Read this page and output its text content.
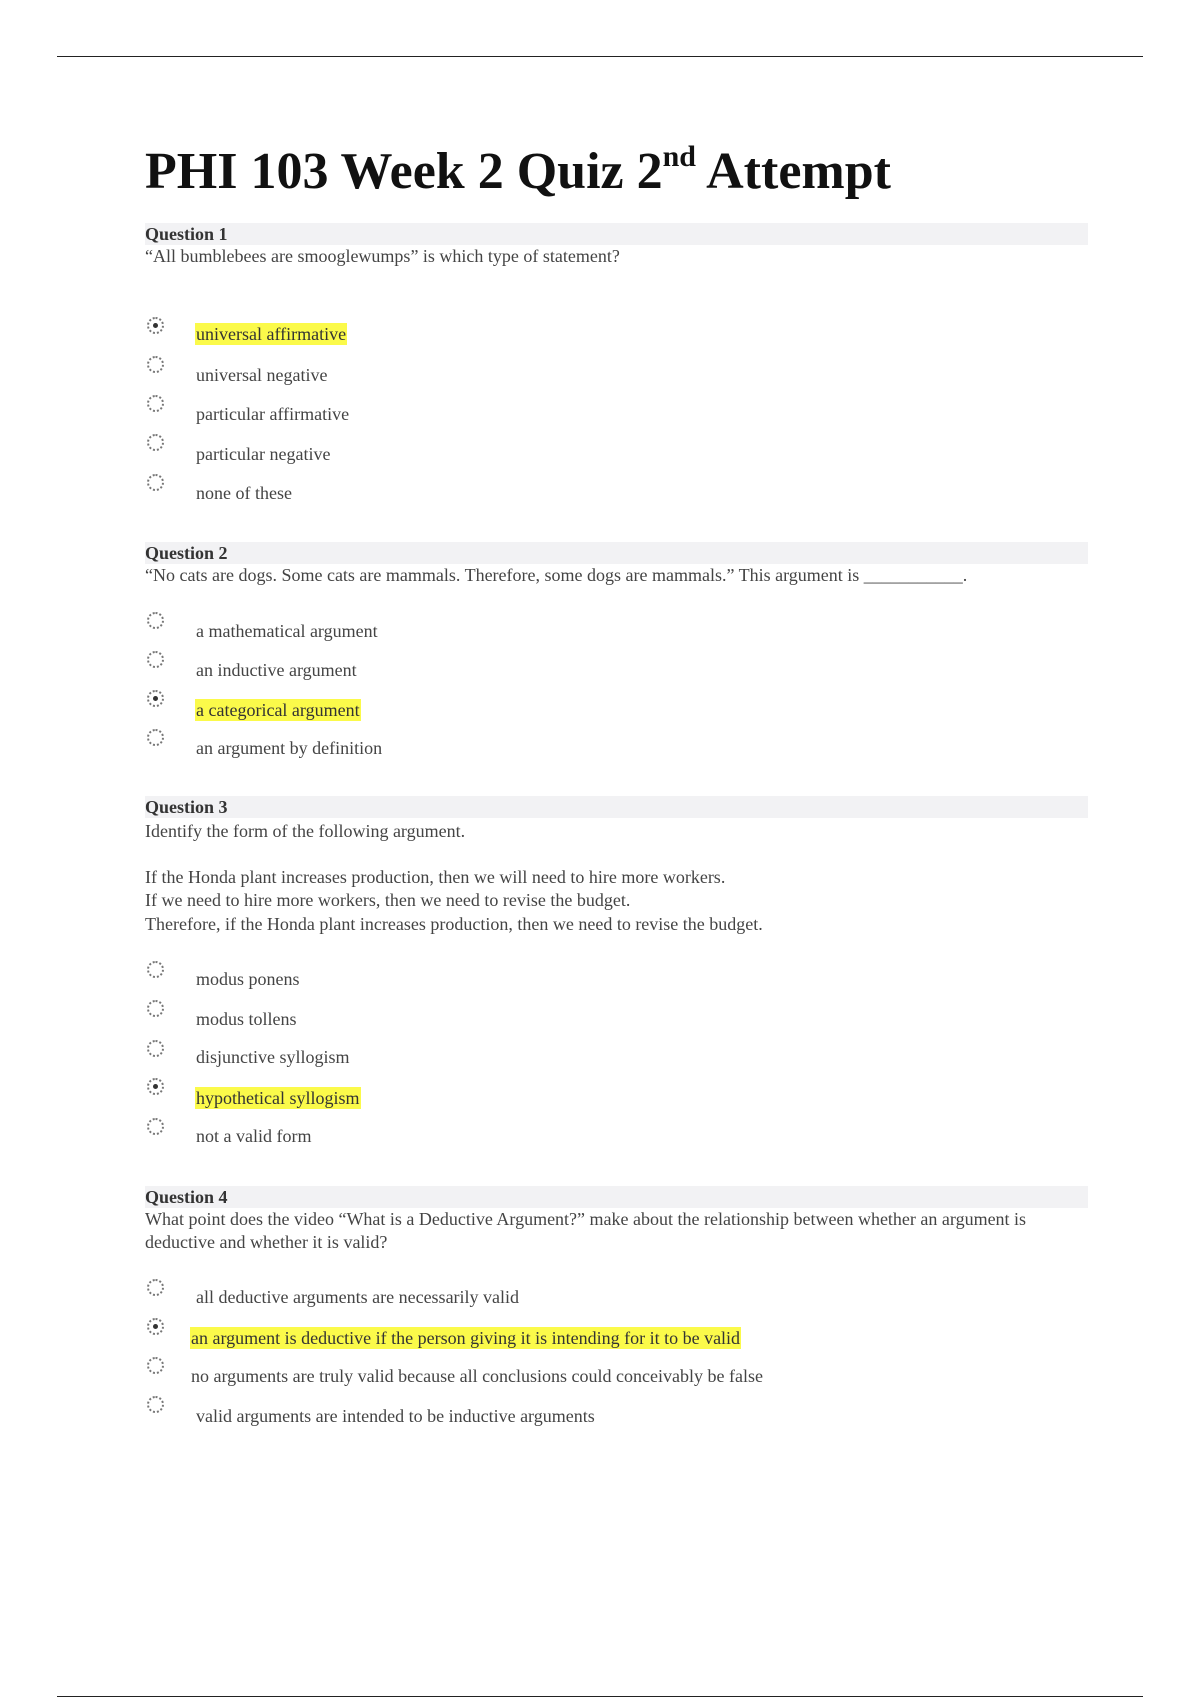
PHI 103 Week 2 Quiz 2nd Attempt
Question 1
“All bumblebees are smooglewumps” is which type of statement?
universal affirmative
universal negative
particular affirmative
particular negative
none of these
Question 2
“No cats are dogs. Some cats are mammals. Therefore, some dogs are mammals.” This argument is ___________.
a mathematical argument
an inductive argument
a categorical argument
an argument by definition
Question 3
Identify the form of the following argument.
If the Honda plant increases production, then we will need to hire more workers.
If we need to hire more workers, then we need to revise the budget.
Therefore, if the Honda plant increases production, then we need to revise the budget.
modus ponens
modus tollens
disjunctive syllogism
hypothetical syllogism
not a valid form
Question 4
What point does the video “What is a Deductive Argument?” make about the relationship between whether an argument is deductive and whether it is valid?
all deductive arguments are necessarily valid
an argument is deductive if the person giving it is intending for it to be valid
no arguments are truly valid because all conclusions could conceivably be false
valid arguments are intended to be inductive arguments
